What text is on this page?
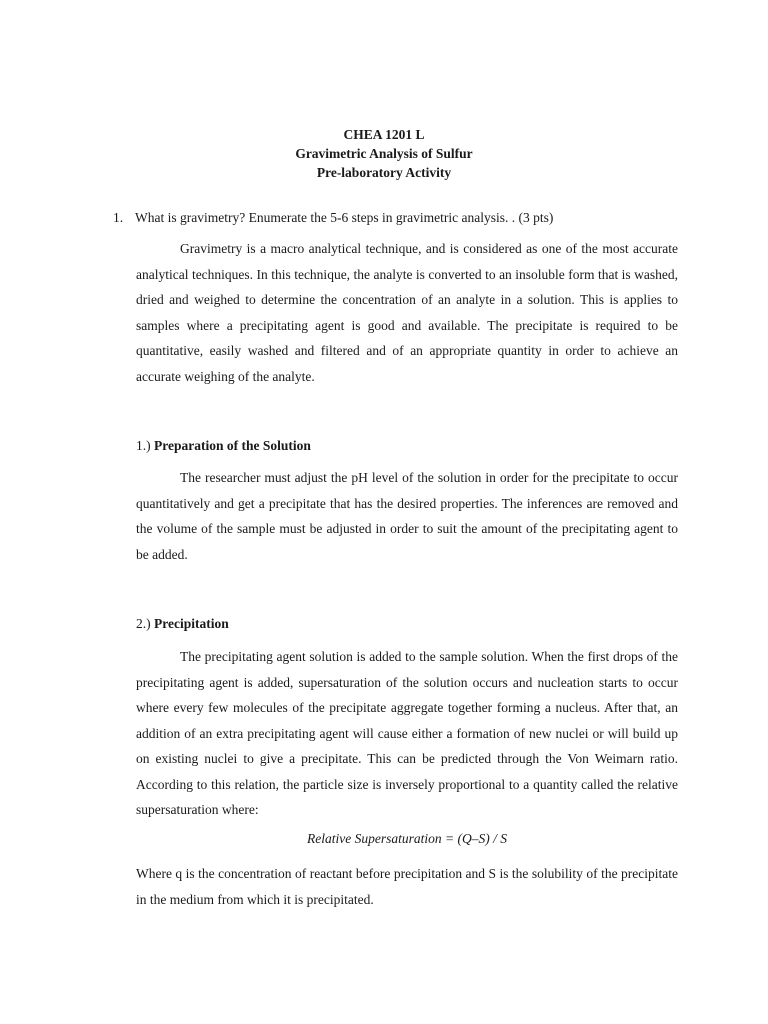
CHEA 1201 L
Gravimetric Analysis of Sulfur
Pre-laboratory Activity
1. What is gravimetry? Enumerate the 5-6 steps in gravimetric analysis. . (3 pts)

Gravimetry is a macro analytical technique, and is considered as one of the most accurate analytical techniques. In this technique, the analyte is converted to an insoluble form that is washed, dried and weighed to determine the concentration of an analyte in a solution. This is applies to samples where a precipitating agent is good and available. The precipitate is required to be quantitative, easily washed and filtered and of an appropriate quantity in order to achieve an accurate weighing of the analyte.

1.) Preparation of the Solution

The researcher must adjust the pH level of the solution in order for the precipitate to occur quantitatively and get a precipitate that has the desired properties. The inferences are removed and the volume of the sample must be adjusted in order to suit the amount of the precipitating agent to be added.

2.) Precipitation

The precipitating agent solution is added to the sample solution. When the first drops of the precipitating agent is added, supersaturation of the solution occurs and nucleation starts to occur where every few molecules of the precipitate aggregate together forming a nucleus. After that, an addition of an extra precipitating agent will cause either a formation of new nuclei or will build up on existing nuclei to give a precipitate. This can be predicted through the Von Weimarn ratio. According to this relation, the particle size is inversely proportional to a quantity called the relative supersaturation where:

Relative Supersaturation = (Q–S) / S

Where q is the concentration of reactant before precipitation and S is the solubility of the precipitate in the medium from which it is precipitated.
